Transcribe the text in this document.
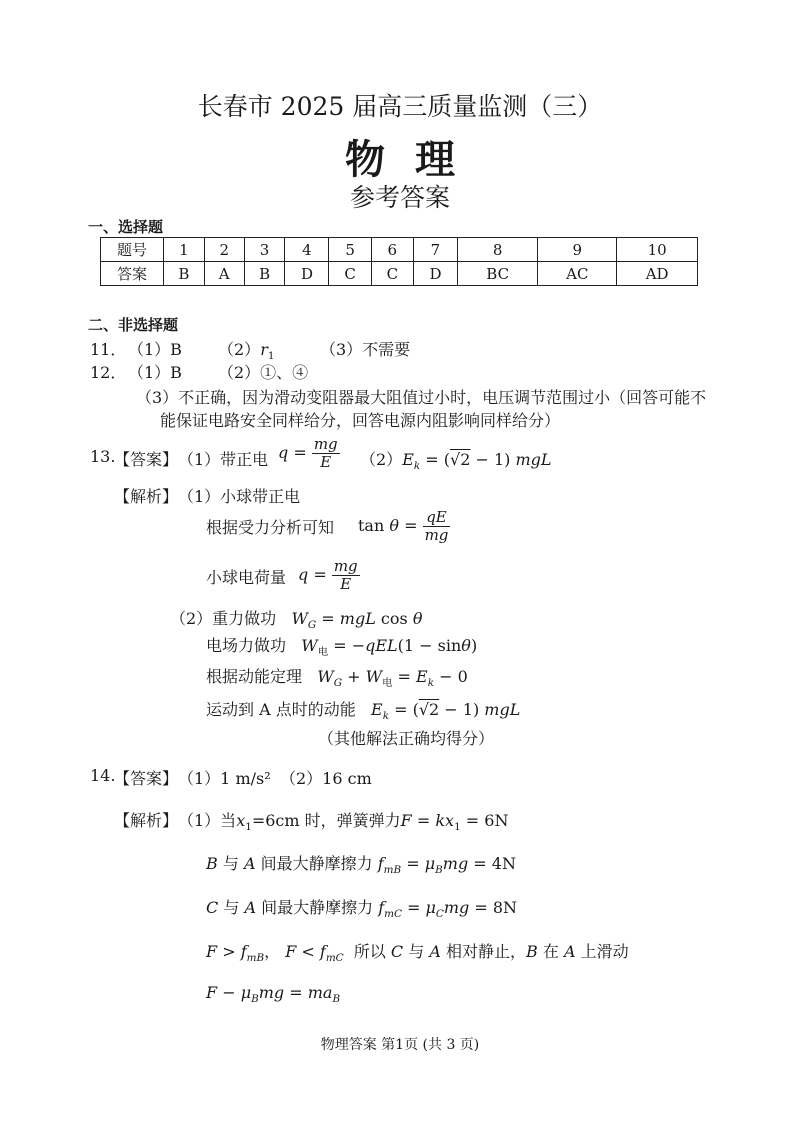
长春市 2025 届高三质量监测（三）
物理
参考答案
一、选择题
题号	1	2	3	4	5	6	7	8	9	10
答案	B	A	B	D	C	C	D	BC	AC	AD
二、非选择题
11． （1）B $(2)r_1$	（3）不需要
12． （1）B （2）①、④
（3）不正确，因为滑动变阻器最大阻值过小时，电压调节范围过小（回答可能不
能保证电路安全同样给分，回答电源内阻影响同样给分）
13.
【答案】 （1）带正电 $q = \frac{mg}{E} (2)E_k = (√2 - 1)$ mgL
【解析】 （1）小球带正电
根据受力分析可知 $\tan \theta = \frac{qE}{mg}$
小球电荷量 $q = \frac{mg}{E}$
（2）重力做功 $W_G$ = mgL cos θ
电场力做功 $W_电 = -qEL(1 - \sin\theta)$
根据动能定理 $W_G + W_电 = E_k - 0$
运动到 A 点时的动能 $E_k = (√2 - 1)$ mgL
（其他解法正确均得分）
14.
【答案】 （1）1 m/s² （2）16 cm
【解析】 （1）当$x_1=6cm$ 时，弹簧弹力$F = kx_1 = 6N$
B 与 A 间最大静摩擦力 $f_{mB} = \mu_Bmg = 4N$
C 与 A 间最大静摩擦力 $f_{mC} = \mu_Cmg = 8N$
$F > f_{mB}$， $F < f_{mC}$ 所以 C 与 A 相对静止，B 在 A 上滑动
$F - \mu_Bmg = ma_B$
物理答案 第1页 (共 3 页)
